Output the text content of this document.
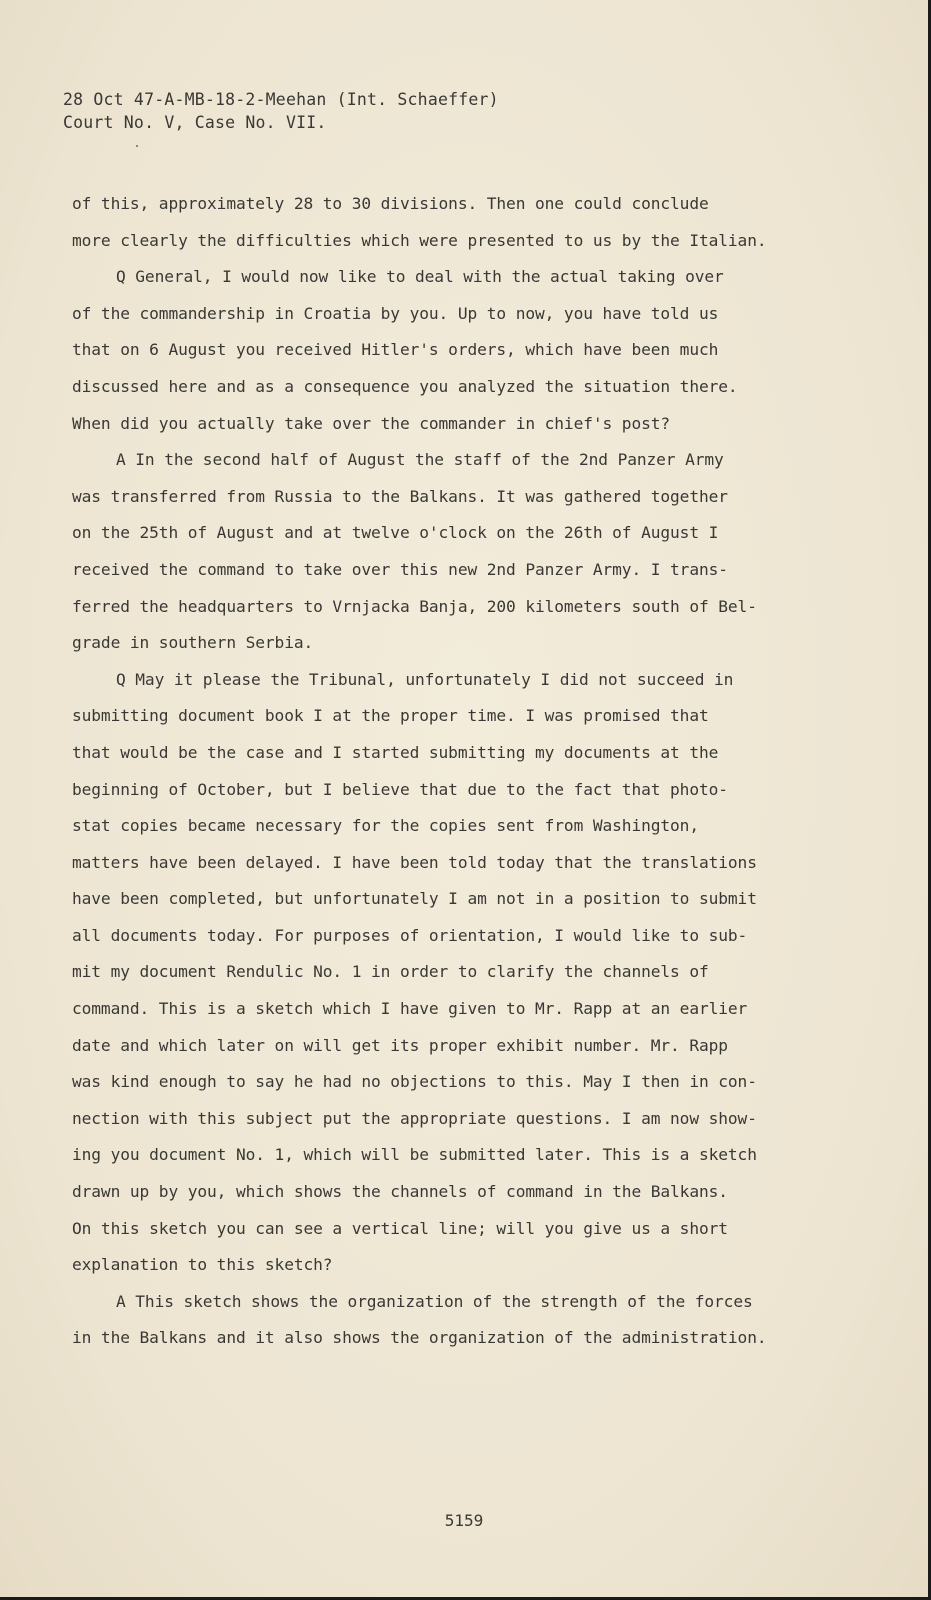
28 Oct 47-A-MB-18-2-Meehan (Int. Schaeffer)
Court No. V, Case No. VII.
of this, approximately 28 to 30 divisions. Then one could conclude
more clearly the difficulties which were presented to us by the Italian.
Q General, I would now like to deal with the actual taking over
of the commandership in Croatia by you. Up to now, you have told us
that on 6 August you received Hitler's orders, which have been much
discussed here and as a consequence you analyzed the situation there.
When did you actually take over the commander in chief's post?
A In the second half of August the staff of the 2nd Panzer Army
was transferred from Russia to the Balkans. It was gathered together
on the 25th of August and at twelve o'clock on the 26th of August I
received the command to take over this new 2nd Panzer Army. I trans-
ferred the headquarters to Vrnjacka Banja, 200 kilometers south of Bel-
grade in southern Serbia.
Q May it please the Tribunal, unfortunately I did not succeed in
submitting document book I at the proper time. I was promised that
that would be the case and I started submitting my documents at the
beginning of October, but I believe that due to the fact that photo-
stat copies became necessary for the copies sent from Washington,
matters have been delayed. I have been told today that the translations
have been completed, but unfortunately I am not in a position to submit
all documents today. For purposes of orientation, I would like to sub-
mit my document Rendulic No. 1 in order to clarify the channels of
command. This is a sketch which I have given to Mr. Rapp at an earlier
date and which later on will get its proper exhibit number. Mr. Rapp
was kind enough to say he had no objections to this. May I then in con-
nection with this subject put the appropriate questions. I am now show-
ing you document No. 1, which will be submitted later. This is a sketch
drawn up by you, which shows the channels of command in the Balkans.
On this sketch you can see a vertical line; will you give us a short
explanation to this sketch?
A This sketch shows the organization of the strength of the forces
in the Balkans and it also shows the organization of the administration.
5159
